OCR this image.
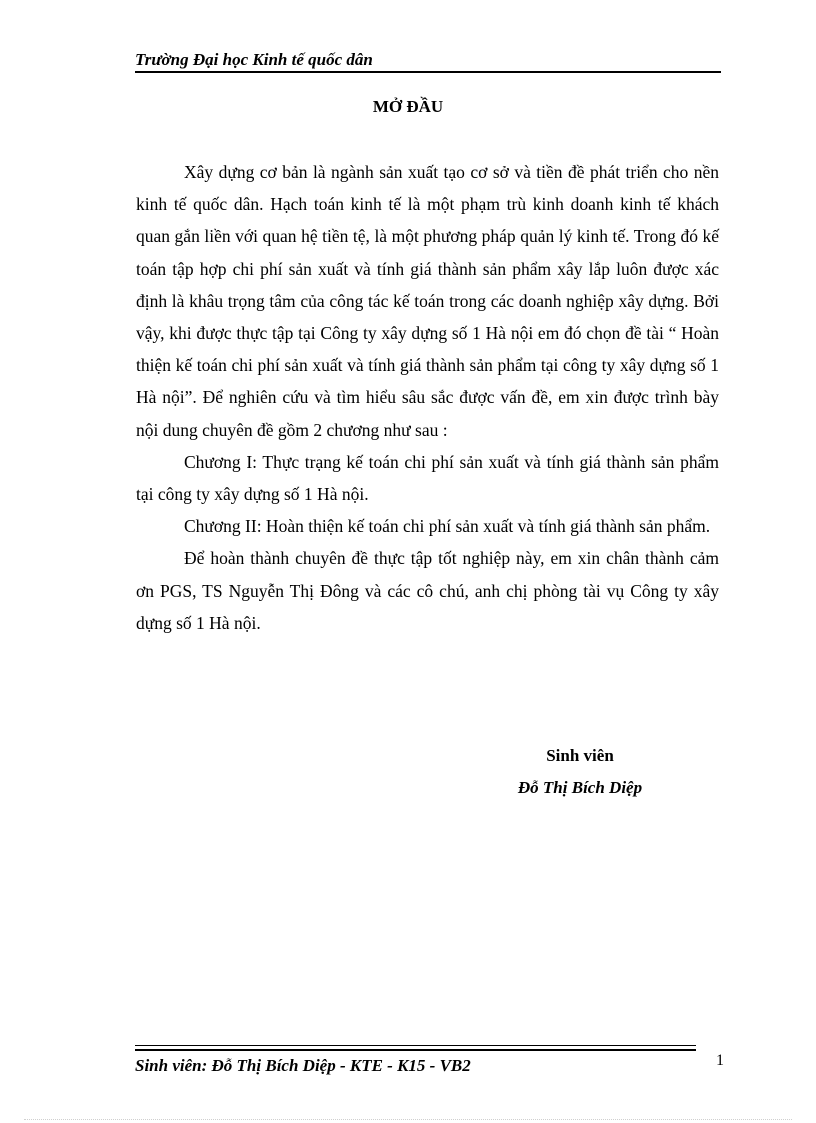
Trường Đại học Kinh tế quốc dân
MỞ ĐẦU

Xây dựng cơ bản là ngành sản xuất tạo cơ sở và tiền đề phát triển cho nền kinh tế quốc dân. Hạch toán kinh tế là một phạm trù kinh doanh kinh tế khách quan gắn liền với quan hệ tiền tệ, là một phương pháp quản lý kinh tế. Trong đó kế toán tập hợp chi phí sản xuất và tính giá thành sản phẩm xây lắp luôn được xác định là khâu trọng tâm của công tác kế toán trong các doanh nghiệp xây dựng. Bởi vậy, khi được thực tập tại Công ty xây dựng số 1 Hà nội em đó chọn đề tài “ Hoàn thiện kế toán chi phí sản xuất và tính giá thành sản phẩm tại công ty xây dựng số 1 Hà nội”. Để nghiên cứu và tìm hiểu sâu sắc được vấn đề, em xin được trình bày nội dung chuyên đề gồm 2 chương như sau :

Chương I: Thực trạng kế toán chi phí sản xuất và tính giá thành sản phẩm tại công ty xây dựng số 1 Hà nội.

Chương II: Hoàn thiện kế toán chi phí sản xuất và tính giá thành sản phẩm.

Để hoàn thành chuyên đề thực tập tốt nghiệp này, em xin chân thành cảm ơn PGS, TS Nguyễn Thị Đông và các cô chú, anh chị phòng tài vụ Công ty xây dựng số 1 Hà nội.

Sinh viên
Đỗ Thị Bích Diệp
Sinh viên: Đỗ Thị Bích Diệp - KTE - K15 - VB2	1
